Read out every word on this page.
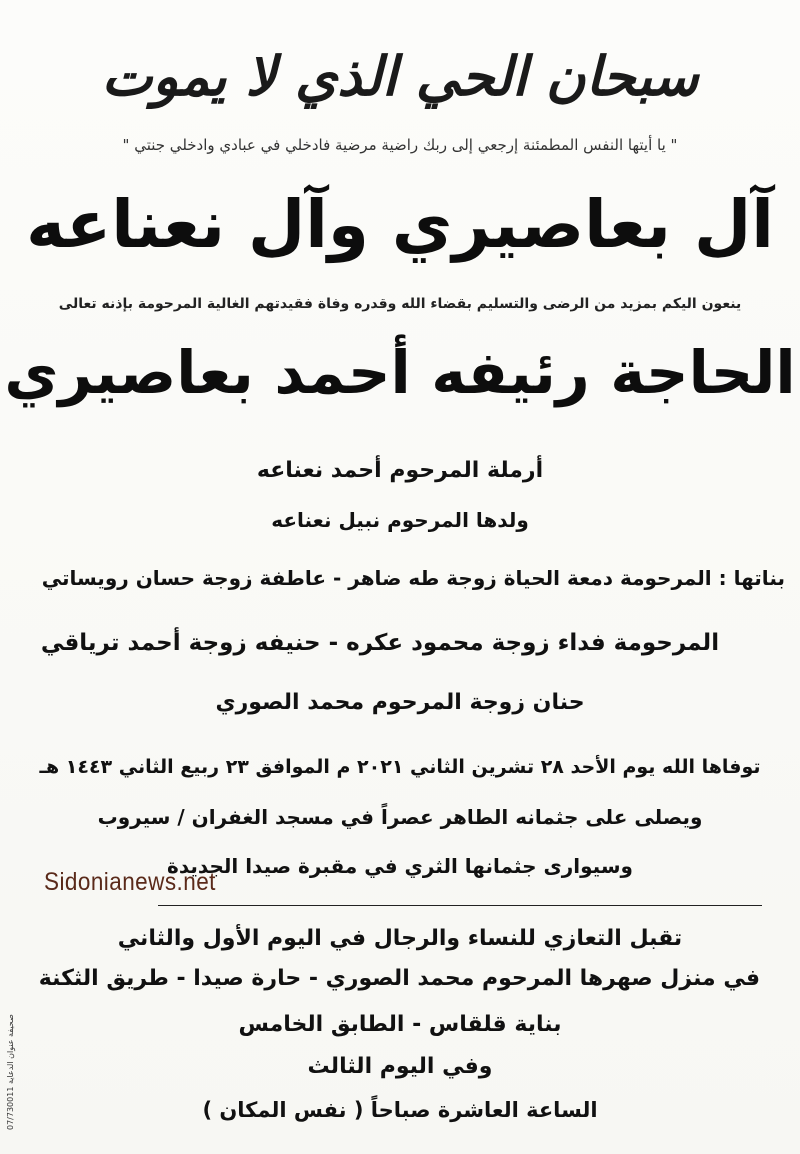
سبحان الحي الذي لا يموت
" يا أيتها النفس المطمئنة إرجعي إلى ربك راضية مرضية فادخلي في عبادي وادخلي جنتي "
آل بعاصيري وآل نعناعه
ينعون اليكم بمزيد من الرضى والتسليم بقضاء الله وقدره وفاة فقيدتهم الغالية المرحومة بإذنه تعالى
الحاجة رئيفه أحمد بعاصيري
أرملة المرحوم أحمد نعناعه
ولدها المرحوم نبيل نعناعه
بناتها : المرحومة دمعة الحياة زوجة طه ضاهر - عاطفة زوجة حسان رويساتي
المرحومة فداء زوجة محمود عكره - حنيفه زوجة أحمد ترياقي
حنان زوجة المرحوم محمد الصوري
توفاها الله يوم الأحد ٢٨ تشرين الثاني ٢٠٢١ م الموافق ٢٣ ربيع الثاني ١٤٤٣ هـ
ويصلى على جثمانه الطاهر عصراً في مسجد الغفران / سيروب
وسيوارى جثمانها الثري في مقبرة صيدا الجديدة
Sidonianews.net
تقبل التعازي للنساء والرجال في اليوم الأول والثاني
في منزل صهرها المرحوم محمد الصوري - حارة صيدا - طريق الثكنة
بناية قلقاس - الطابق الخامس
وفي اليوم الثالث
الساعة العاشرة صباحاً ( نفس المكان )
07/730011 صحيفة عنوان الدعاية
